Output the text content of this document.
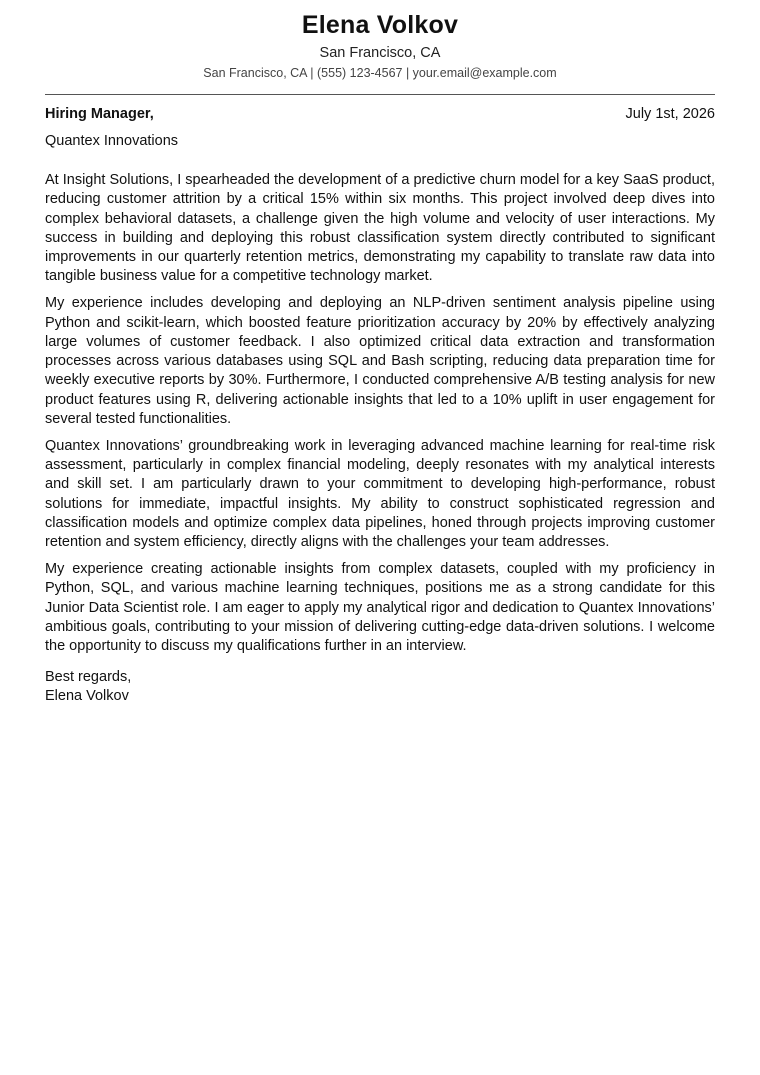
Elena Volkov
San Francisco, CA
San Francisco, CA | (555) 123-4567 | your.email@example.com
Hiring Manager,	July 1st, 2026
Quantex Innovations

At Insight Solutions, I spearheaded the development of a predictive churn model for a key SaaS product, reducing customer attrition by a critical 15% within six months. This project involved deep dives into complex behavioral datasets, a challenge given the high volume and velocity of user interactions. My success in building and deploying this robust classification system directly contributed to significant improvements in our quarterly retention metrics, demonstrating my capability to translate raw data into tangible business value for a competitive technology market.

My experience includes developing and deploying an NLP-driven sentiment analysis pipeline using Python and scikit-learn, which boosted feature prioritization accuracy by 20% by effectively analyzing large volumes of customer feedback. I also optimized critical data extraction and transformation processes across various databases using SQL and Bash scripting, reducing data preparation time for weekly executive reports by 30%. Furthermore, I conducted comprehensive A/B testing analysis for new product features using R, delivering actionable insights that led to a 10% uplift in user engagement for several tested functionalities.

Quantex Innovations’ groundbreaking work in leveraging advanced machine learning for real-time risk assessment, particularly in complex financial modeling, deeply resonates with my analytical interests and skill set. I am particularly drawn to your commitment to developing high-performance, robust solutions for immediate, impactful insights. My ability to construct sophisticated regression and classification models and optimize complex data pipelines, honed through projects improving customer retention and system efficiency, directly aligns with the challenges your team addresses.

My experience creating actionable insights from complex datasets, coupled with my proficiency in Python, SQL, and various machine learning techniques, positions me as a strong candidate for this Junior Data Scientist role. I am eager to apply my analytical rigor and dedication to Quantex Innovations’ ambitious goals, contributing to your mission of delivering cutting-edge data-driven solutions. I welcome the opportunity to discuss my qualifications further in an interview.

Best regards,
Elena Volkov
